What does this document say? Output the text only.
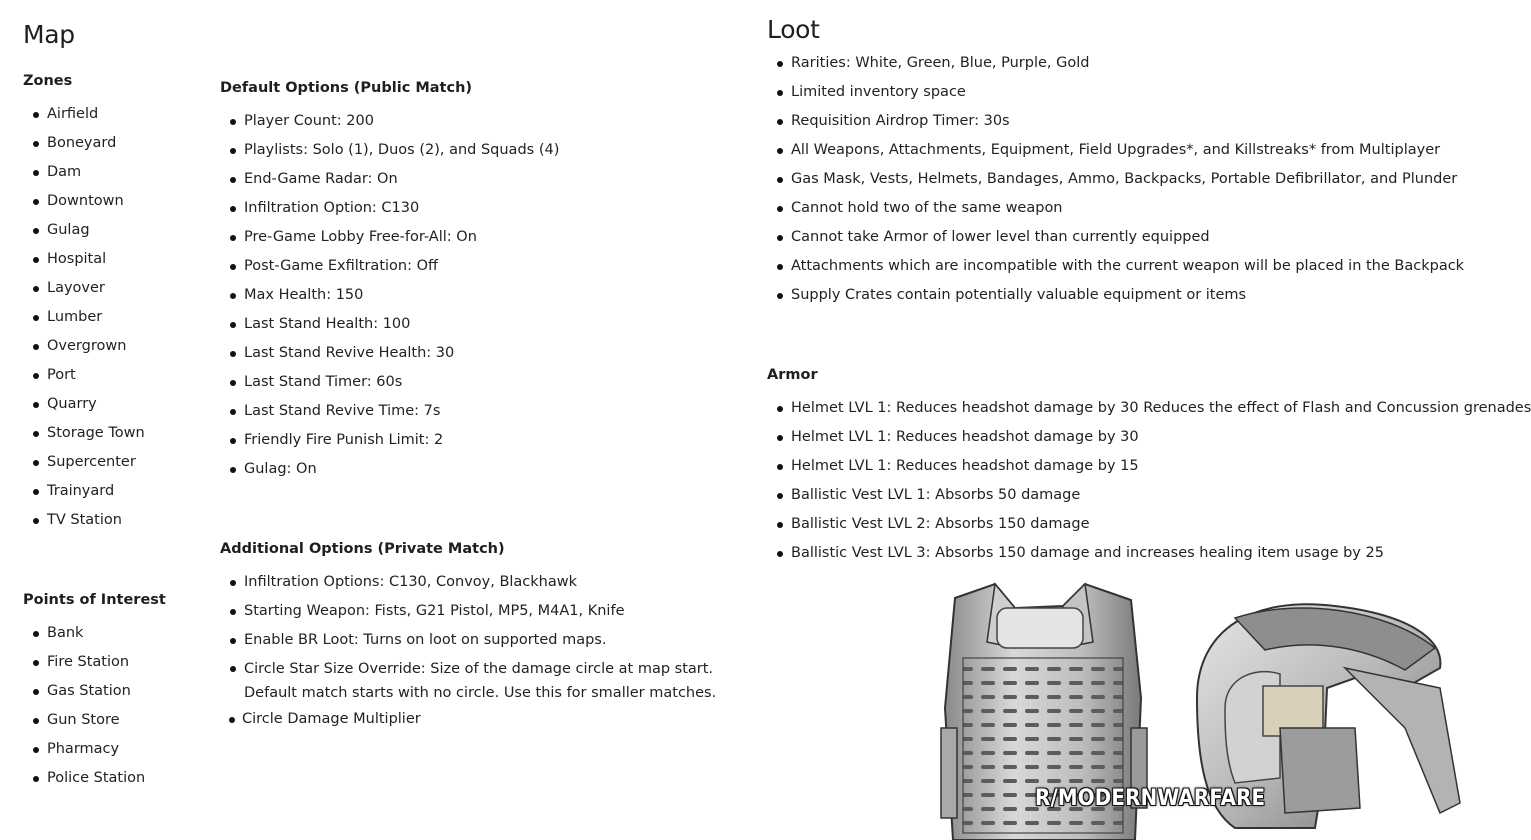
Map
Zones
Airfield
Boneyard
Dam
Downtown
Gulag
Hospital
Layover
Lumber
Overgrown
Port
Quarry
Storage Town
Supercenter
Trainyard
TV Station
Points of Interest
Bank
Fire Station
Gas Station
Gun Store
Pharmacy
Police Station
Default Options (Public Match)
Player Count: 200
Playlists: Solo (1), Duos (2), and Squads (4)
End-Game Radar: On
Infiltration Option: C130
Pre-Game Lobby Free-for-All: On
Post-Game Exfiltration: Off
Max Health: 150
Last Stand Health: 100
Last Stand Revive Health: 30
Last Stand Timer: 60s
Last Stand Revive Time: 7s
Friendly Fire Punish Limit: 2
Gulag: On
Additional Options (Private Match)
Infiltration Options: C130, Convoy, Blackhawk
Starting Weapon: Fists, G21 Pistol, MP5, M4A1, Knife
Enable BR Loot: Turns on loot on supported maps.
Circle Star Size Override: Size of the damage circle at map start.
Default match starts with no circle. Use this for smaller matches.
Circle Damage Multiplier
Loot
Rarities: White, Green, Blue, Purple, Gold
Limited inventory space
Requisition Airdrop Timer: 30s
All Weapons, Attachments, Equipment, Field Upgrades*, and Killstreaks* from Multiplayer
Gas Mask, Vests, Helmets, Bandages, Ammo, Backpacks, Portable Defibrillator, and Plunder
Cannot hold two of the same weapon
Cannot take Armor of lower level than currently equipped
Attachments which are incompatible with the current weapon will be placed in the Backpack
Supply Crates contain potentially valuable equipment or items
Armor
Helmet LVL 1: Reduces headshot damage by 30 Reduces the effect of Flash and Concussion grenades
Helmet LVL 1: Reduces headshot damage by 30
Helmet LVL 1: Reduces headshot damage by 15
Ballistic Vest LVL 1: Absorbs 50 damage
Ballistic Vest LVL 2: Absorbs 150 damage
Ballistic Vest LVL 3: Absorbs 150 damage and increases healing item usage by 25
R/MODERNWARFARE
